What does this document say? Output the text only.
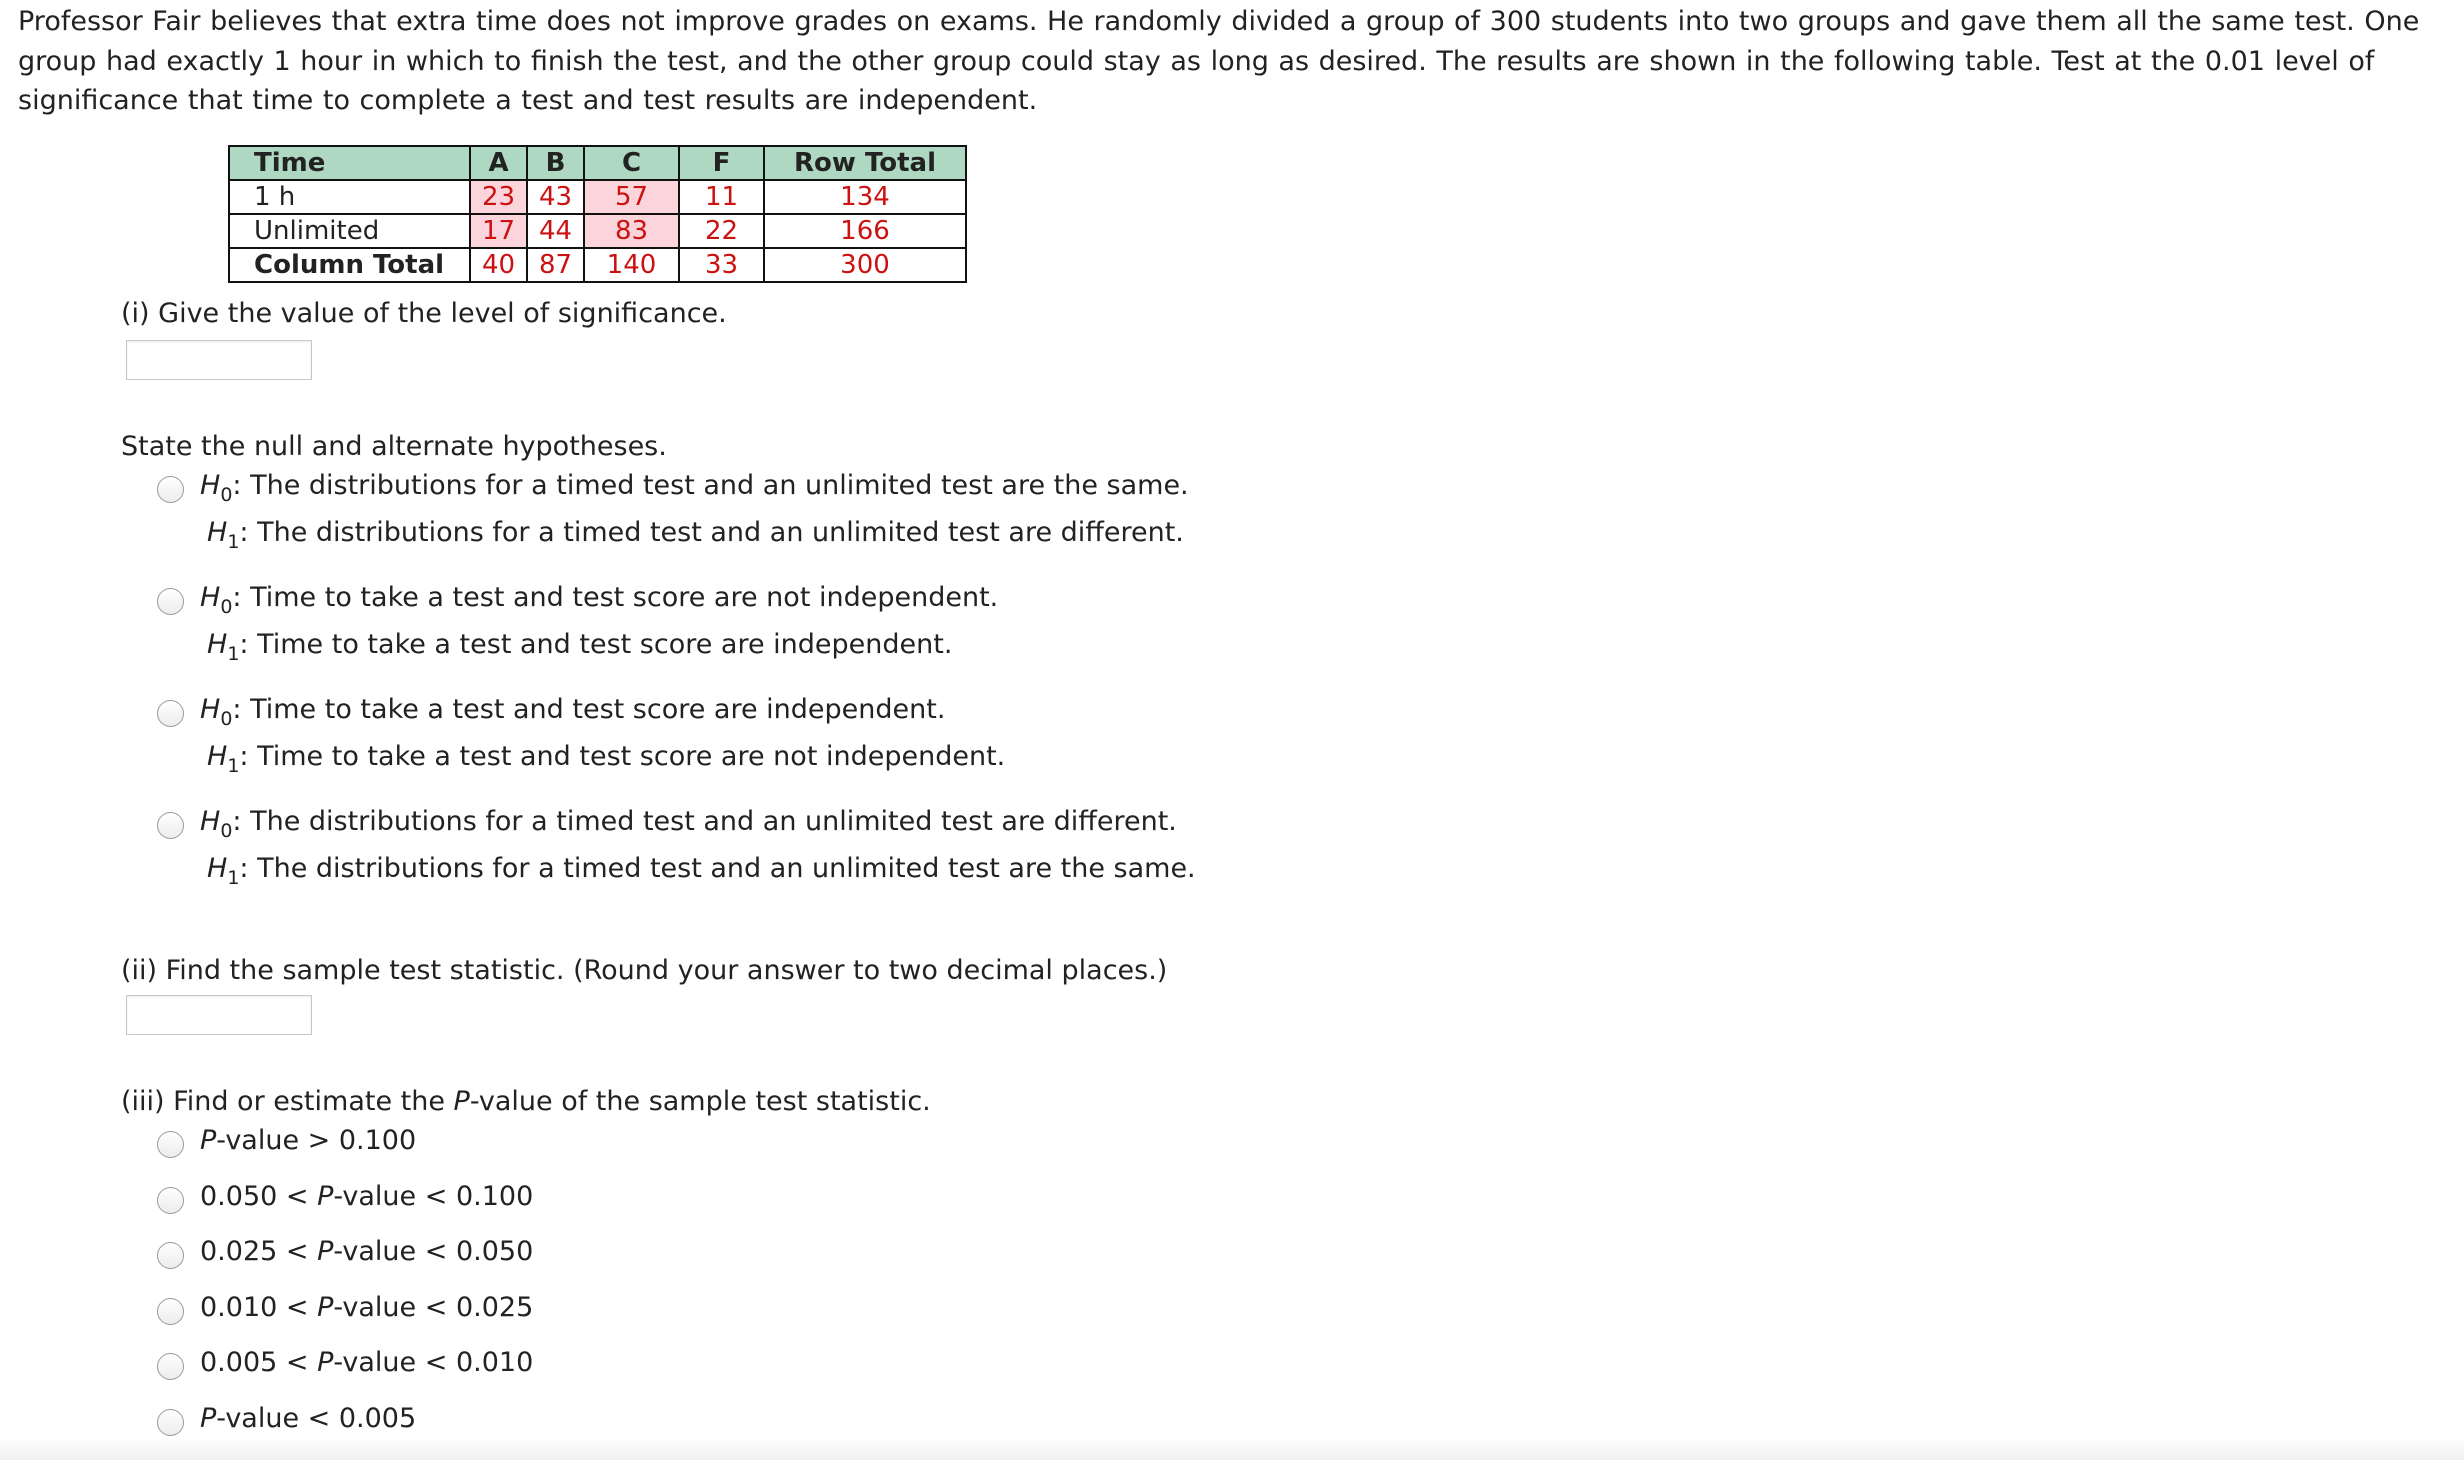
Professor Fair believes that extra time does not improve grades on exams. He randomly divided a group of 300 students into two groups and gave them all the same test. One group had exactly 1 hour in which to finish the test, and the other group could stay as long as desired. The results are shown in the following table. Test at the 0.01 level of significance that time to complete a test and test results are independent.

Time	A	B	C	F	Row Total
1 h	23	43	57	11	134
Unlimited	17	44	83	22	166
Column Total	40	87	140	33	300
(i) Give the value of the level of significance.
State the null and alternate hypotheses.
$H_0$: The distributions for a timed test and an unlimited test are the same.
$H_1$: The distributions for a timed test and an unlimited test are different.
$H_0$: Time to take a test and test score are not independent.
$H_1$: Time to take a test and test score are independent.
$H_0$: Time to take a test and test score are independent.
$H_1$: Time to take a test and test score are not independent.
$H_0$: The distributions for a timed test and an unlimited test are different.
$H_1$: The distributions for a timed test and an unlimited test are the same.
(ii) Find the sample test statistic. (Round your answer to two decimal places.)
(iii) Find or estimate the P-value of the sample test statistic.
P-value > 0.100
0.050 < P-value < 0.100
0.025 < P-value < 0.050
0.010 < P-value < 0.025
0.005 < P-value < 0.010
P-value < 0.005
